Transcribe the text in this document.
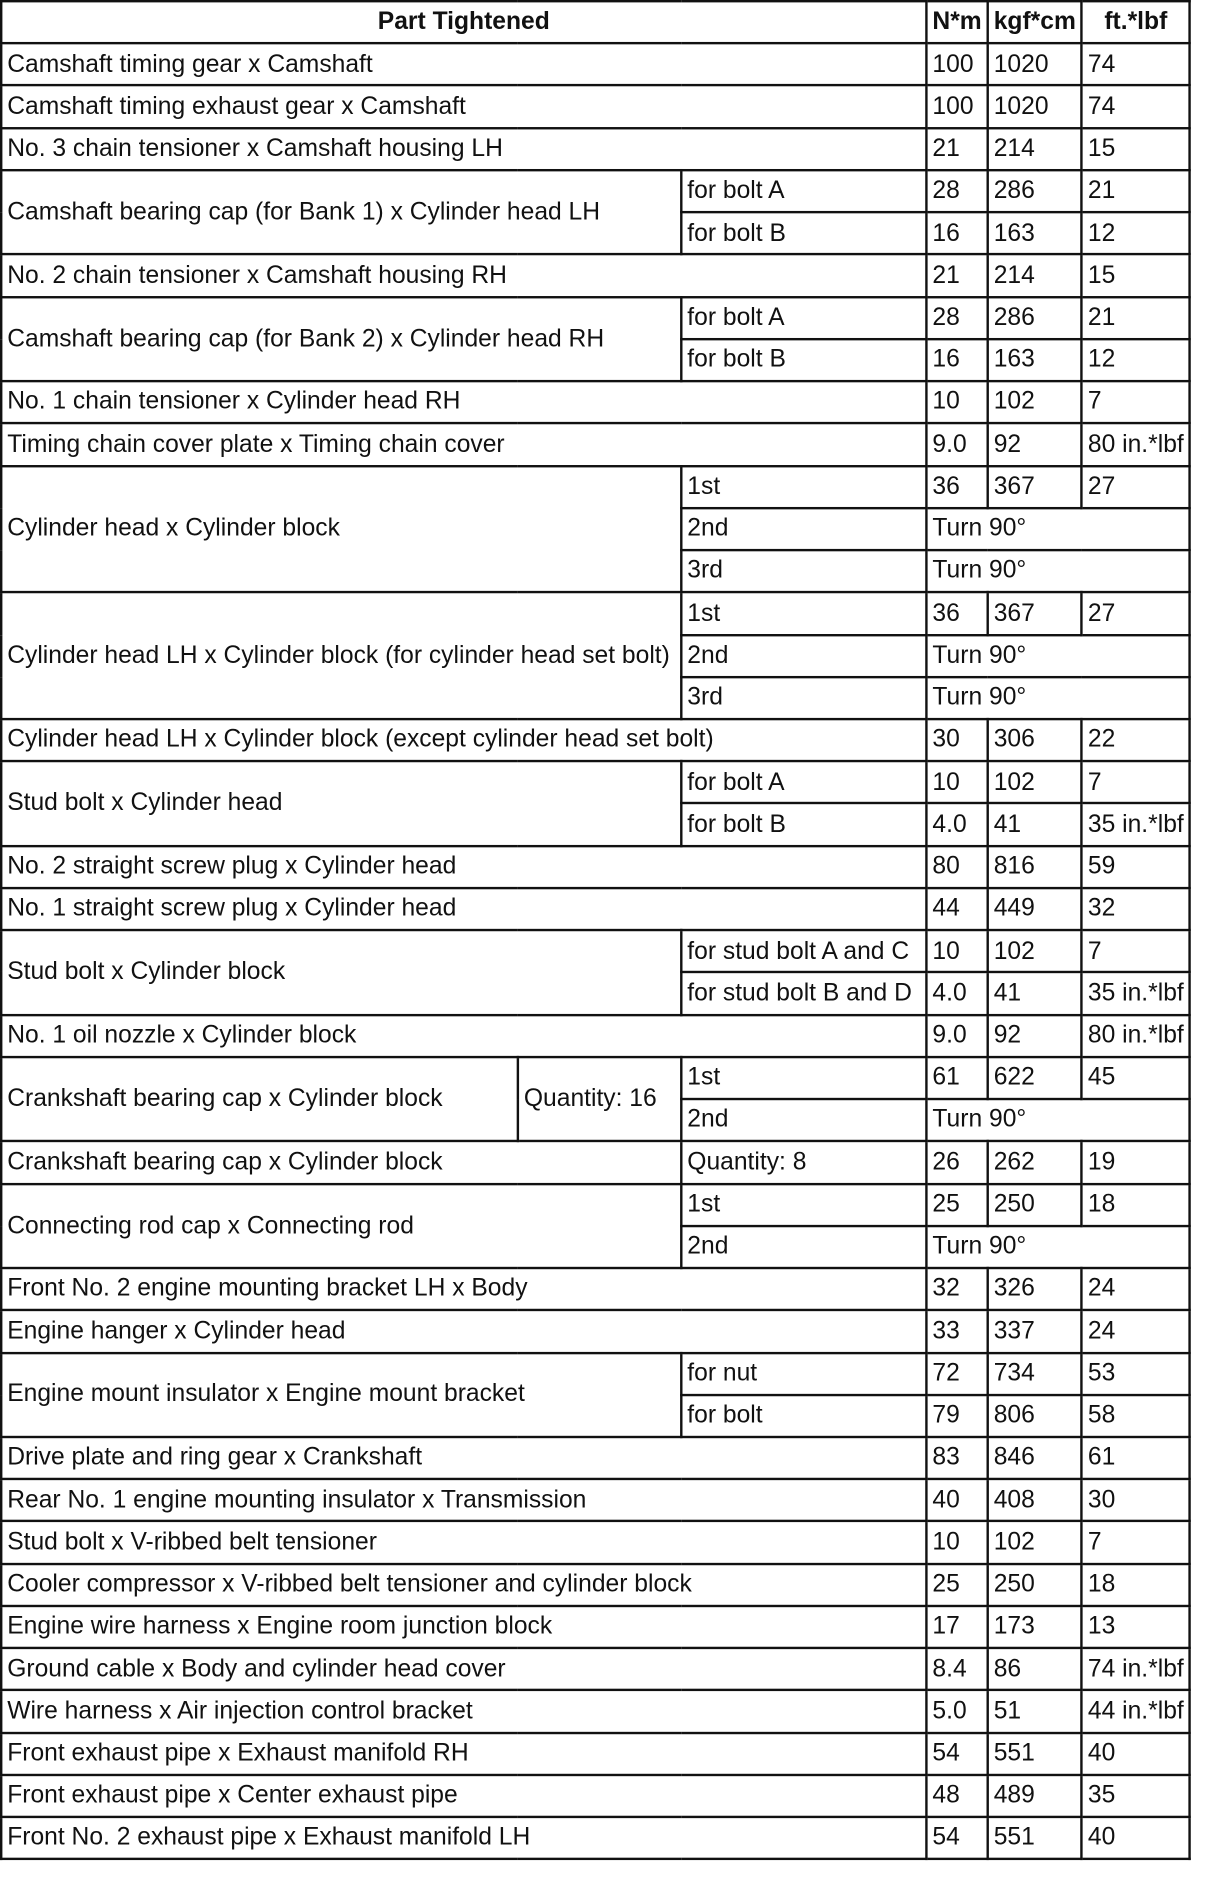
Part Tightened			N*m	kgf*cm	ft.*lbf
Camshaft timing gear x Camshaft			100	1020	74
Camshaft timing exhaust gear x Camshaft			100	1020	74
No. 3 chain tensioner x Camshaft housing LH			21	214	15
Camshaft bearing cap (for Bank 1) x Cylinder head LH		for bolt A	28	286	21
		for bolt B	16	163	12
No. 2 chain tensioner x Camshaft housing RH			21	214	15
Camshaft bearing cap (for Bank 2) x Cylinder head RH		for bolt A	28	286	21
		for bolt B	16	163	12
No. 1 chain tensioner x Cylinder head RH			10	102	7
Timing chain cover plate x Timing chain cover			9.0	92	80 in.*lbf
Cylinder head x Cylinder block		1st	36	367	27
		2nd	Turn 90°		
		3rd	Turn 90°		
Cylinder head LH x Cylinder block (for cylinder head set bolt)		1st	36	367	27
		2nd	Turn 90°		
		3rd	Turn 90°		
Cylinder head LH x Cylinder block (except cylinder head set bolt)			30	306	22
Stud bolt x Cylinder head		for bolt A	10	102	7
		for bolt B	4.0	41	35 in.*lbf
No. 2 straight screw plug x Cylinder head			80	816	59
No. 1 straight screw plug x Cylinder head			44	449	32
Stud bolt x Cylinder block		for stud bolt A and C	10	102	7
		for stud bolt B and D	4.0	41	35 in.*lbf
No. 1 oil nozzle x Cylinder block			9.0	92	80 in.*lbf
Crankshaft bearing cap x Cylinder block	Quantity: 16	1st	61	622	45
		2nd	Turn 90°		
Crankshaft bearing cap x Cylinder block		Quantity: 8	26	262	19
Connecting rod cap x Connecting rod		1st	25	250	18
		2nd	Turn 90°		
Front No. 2 engine mounting bracket LH x Body			32	326	24
Engine hanger x Cylinder head			33	337	24
Engine mount insulator x Engine mount bracket		for nut	72	734	53
		for bolt	79	806	58
Drive plate and ring gear x Crankshaft			83	846	61
Rear No. 1 engine mounting insulator x Transmission			40	408	30
Stud bolt x V-ribbed belt tensioner			10	102	7
Cooler compressor x V-ribbed belt tensioner and cylinder block			25	250	18
Engine wire harness x Engine room junction block			17	173	13
Ground cable x Body and cylinder head cover			8.4	86	74 in.*lbf
Wire harness x Air injection control bracket			5.0	51	44 in.*lbf
Front exhaust pipe x Exhaust manifold RH			54	551	40
Front exhaust pipe x Center exhaust pipe			48	489	35
Front No. 2 exhaust pipe x Exhaust manifold LH			54	551	40
